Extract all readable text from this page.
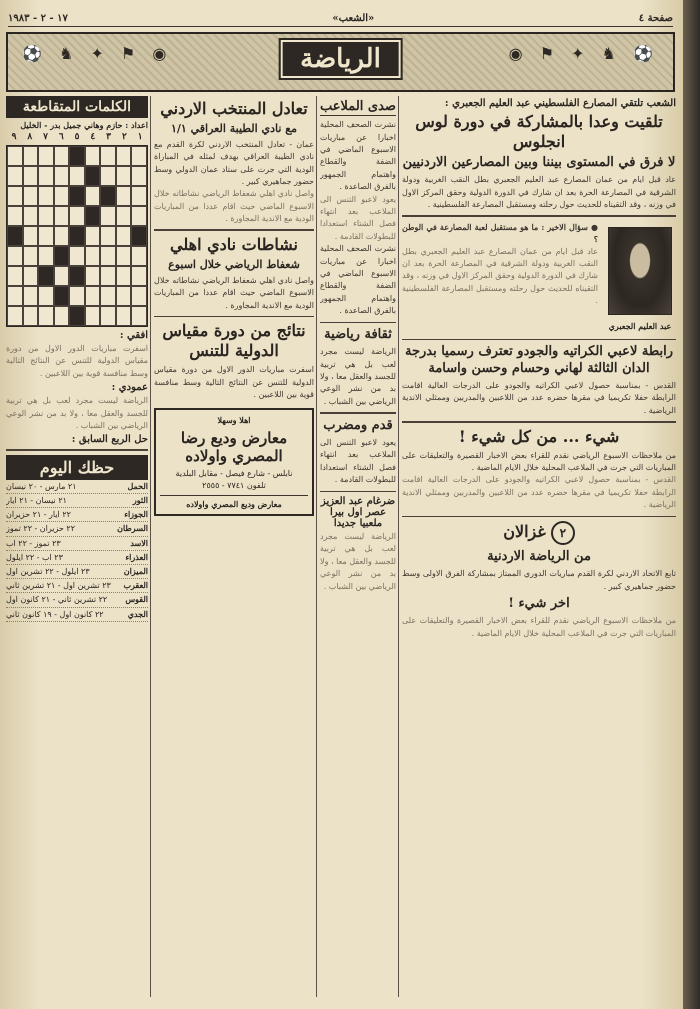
صفحة ٤
«الشعب»
١٧ - ٢ - ١٩٨٣
⚽ ♞ ✦ ⚑ ◉
الرياضة
◉ ⚑ ✦ ♞ ⚽
الشعب تلتقي المصارع الفلسطيني عبد العليم الجعبري :
تلقيت وعدا بالمشاركة في دورة لوس انجلوس
لا فرق في المستوى بيننا وبين المصارعين الاردنيين
عاد قبل ايام من عمان المصارع عبد العليم الجعبري بطل النقب الغربية ودولة الشرقية في المصارعة الحرة بعد ان شارك في الدورة الدولية وحقق المركز الاول في وزنه ، وقد التقيناه للحديث حول رحلته ومستقبل المصارعة الفلسطينية .
عبد العليم الجعبري
● سؤال الاخير : ما هو مستقبل لعبة المصارعة في الوطن ؟
عاد قبل ايام من عمان المصارع عبد العليم الجعبري بطل النقب الغربية ودولة الشرقية في المصارعة الحرة بعد ان شارك في الدورة الدولية وحقق المركز الاول في وزنه ، وقد التقيناه للحديث حول رحلته ومستقبل المصارعة الفلسطينية .
رابطة لاعبي الكراتيه والجودو تعترف رسميا بدرجة الدان الثالثة لهاني وحسام وحسن واسامة
القدس - بمناسبة حصول لاعبي الكراتيه والجودو على الدرجات العالية اقامت الرابطة حفلا تكريميا في مقرها حضره عدد من اللاعبين والمدربين وممثلي الاندية الرياضية .
شيء ... من كل شيء !
من ملاحظات الاسبوع الرياضي نقدم للقراء بعض الاخبار القصيرة والتعليقات على المباريات التي جرت في الملاعب المحلية خلال الايام الماضية .
القدس - بمناسبة حصول لاعبي الكراتيه والجودو على الدرجات العالية اقامت الرابطة حفلا تكريميا في مقرها حضره عدد من اللاعبين والمدربين وممثلي الاندية الرياضية .
٢ غزالان
من الرياضة الاردنية
تابع الاتحاد الاردني لكرة القدم مباريات الدوري الممتاز بمشاركة الفرق الاولى وسط حضور جماهيري كبير .
اخر شيء !
من ملاحظات الاسبوع الرياضي نقدم للقراء بعض الاخبار القصيرة والتعليقات على المباريات التي جرت في الملاعب المحلية خلال الايام الماضية .
صدى الملاعب
نشرت الصحف المحلية اخبارا عن مباريات الاسبوع الماضي في الضفة والقطاع واهتمام الجمهور بالفرق الصاعدة .
يعود لاعبو التنس الى الملاعب بعد انتهاء فصل الشتاء استعدادا للبطولات القادمة .
نشرت الصحف المحلية اخبارا عن مباريات الاسبوع الماضي في الضفة والقطاع واهتمام الجمهور بالفرق الصاعدة .
ثقافة رياضية
الرياضة ليست مجرد لعب بل هي تربية للجسد والعقل معا ، ولا بد من نشر الوعي الرياضي بين الشباب .
قدم ومضرب
يعود لاعبو التنس الى الملاعب بعد انتهاء فصل الشتاء استعدادا للبطولات القادمة .
ضرغام عبد العزيز عصر اول بيرا ملعبيا جديدا
الرياضة ليست مجرد لعب بل هي تربية للجسد والعقل معا ، ولا بد من نشر الوعي الرياضي بين الشباب .
تعادل المنتخب الاردني
مع نادي الطيبة العراقي ١/١
عمان - تعادل المنتخب الاردني لكرة القدم مع نادي الطيبة العراقي بهدف لمثله في المباراة الودية التي جرت على ستاد عمان الدولي وسط حضور جماهيري كبير .
واصل نادي اهلي شعفاط الرياضي نشاطاته خلال الاسبوع الماضي حيث اقام عددا من المباريات الودية مع الاندية المجاورة .
نشاطات نادي اهلي
شعفاط الرياضي خلال اسبوع
واصل نادي اهلي شعفاط الرياضي نشاطاته خلال الاسبوع الماضي حيث اقام عددا من المباريات الودية مع الاندية المجاورة .
نتائج من دورة مقياس الدولية للتنس
اسفرت مباريات الدور الاول من دورة مقياس الدولية للتنس عن النتائج التالية وسط منافسة قوية بين اللاعبين .
اهلا وسهلا
معارض وديع رضا المصري واولاده
نابلس - شارع فيصل - مقابل البلدية
تلفون ٧٧٤١ - ٢٥٥٥
معارض وديع المصري واولاده
الكلمات المتقاطعة
اعداد : حازم وهاني جميل بدر - الخليل
١
٢
٣
٤
٥
٦
٧
٨
٩
افقي :
اسفرت مباريات الدور الاول من دورة مقياس الدولية للتنس عن النتائج التالية وسط منافسة قوية بين اللاعبين .
عمودي :
الرياضة ليست مجرد لعب بل هي تربية للجسد والعقل معا ، ولا بد من نشر الوعي الرياضي بين الشباب .
حل الربع السابق :
حظك اليوم
الحمل
٢١ مارس - ٢٠ نيسان
الثور
٢١ نيسان - ٢١ ايار
الجوزاء
٢٢ ايار - ٢١ حزيران
السرطان
٢٢ حزيران - ٢٢ تموز
الاسد
٢٣ تموز - ٢٢ اب
العذراء
٢٣ اب - ٢٢ ايلول
الميزان
٢٣ ايلول - ٢٢ تشرين اول
العقرب
٢٣ تشرين اول - ٢١ تشرين ثاني
القوس
٢٢ تشرين ثاني - ٢١ كانون اول
الجدي
٢٢ كانون اول - ١٩ كانون ثاني
